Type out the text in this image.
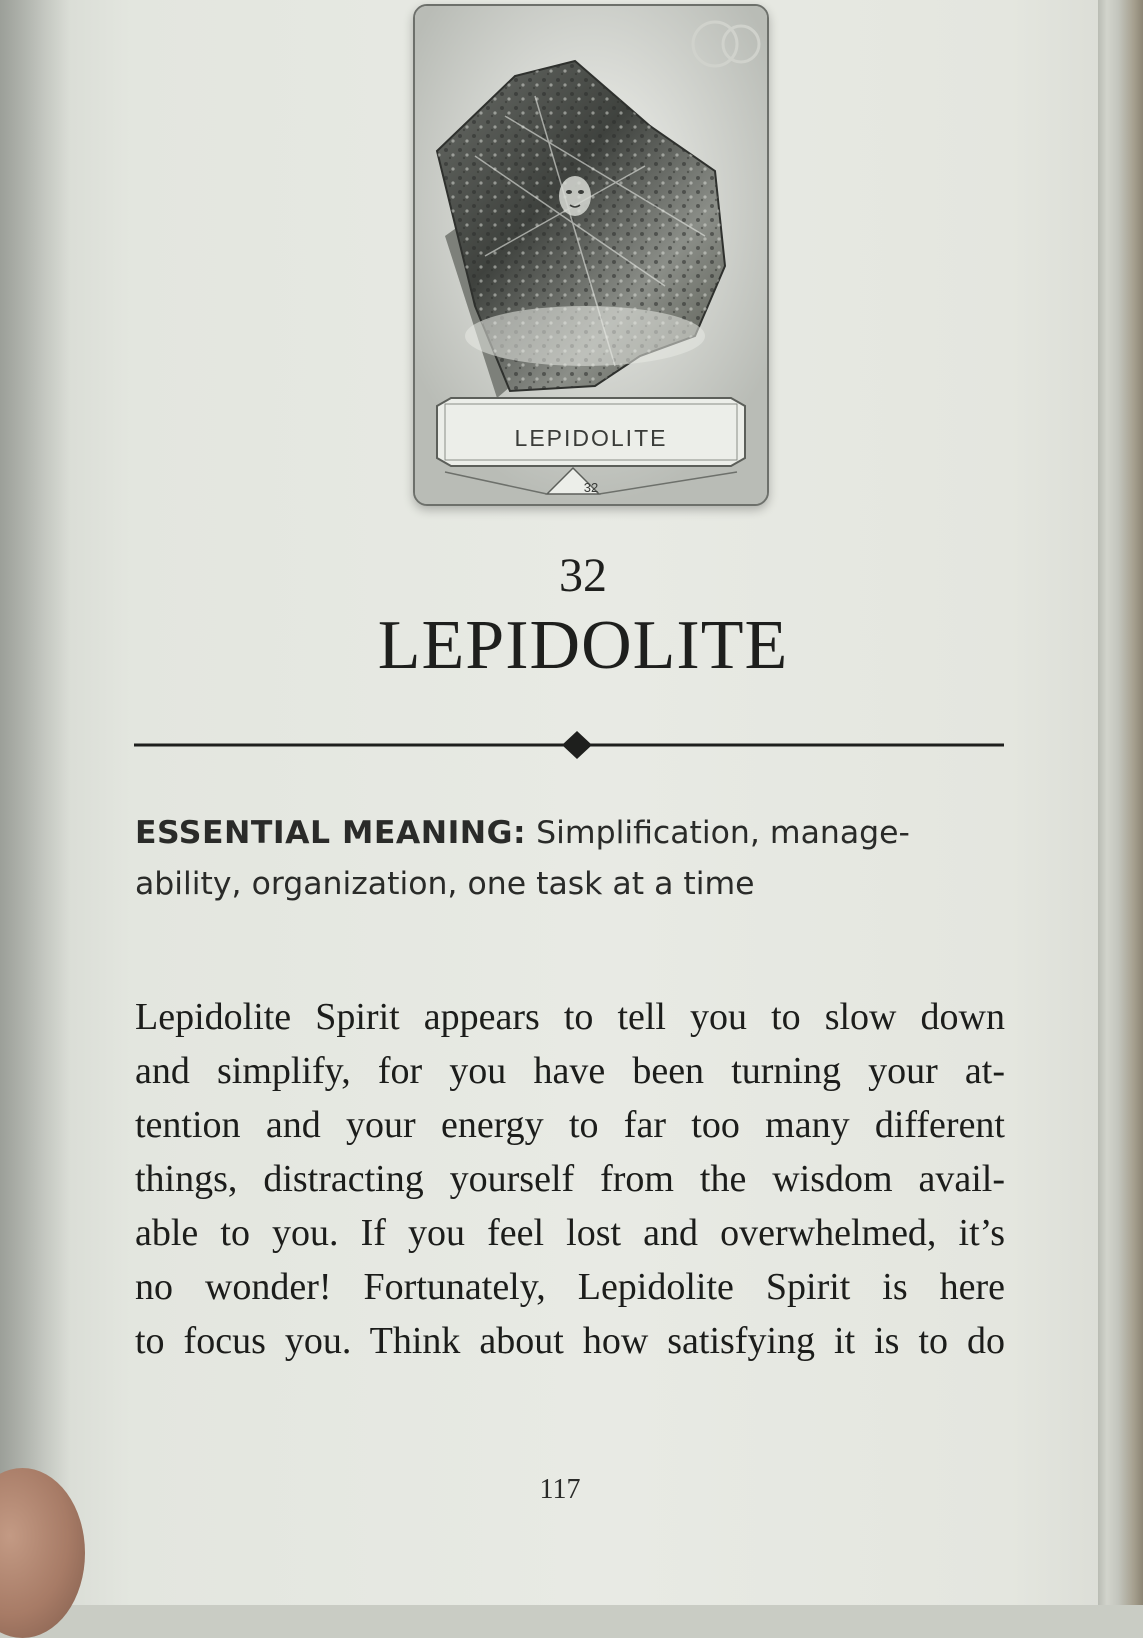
LEPIDOLITE
32
32
LEPIDOLITE
ESSENTIAL MEANING: Simplification, manage-
ability, organization, one task at a time
Lepidolite Spirit appears to tell you to slow down
and simplify, for you have been turning your at-
tention and your energy to far too many different
things, distracting yourself from the wisdom avail-
able to you. If you feel lost and overwhelmed, it’s
no wonder! Fortunately, Lepidolite Spirit is here
to focus you. Think about how satisfying it is to do
117
